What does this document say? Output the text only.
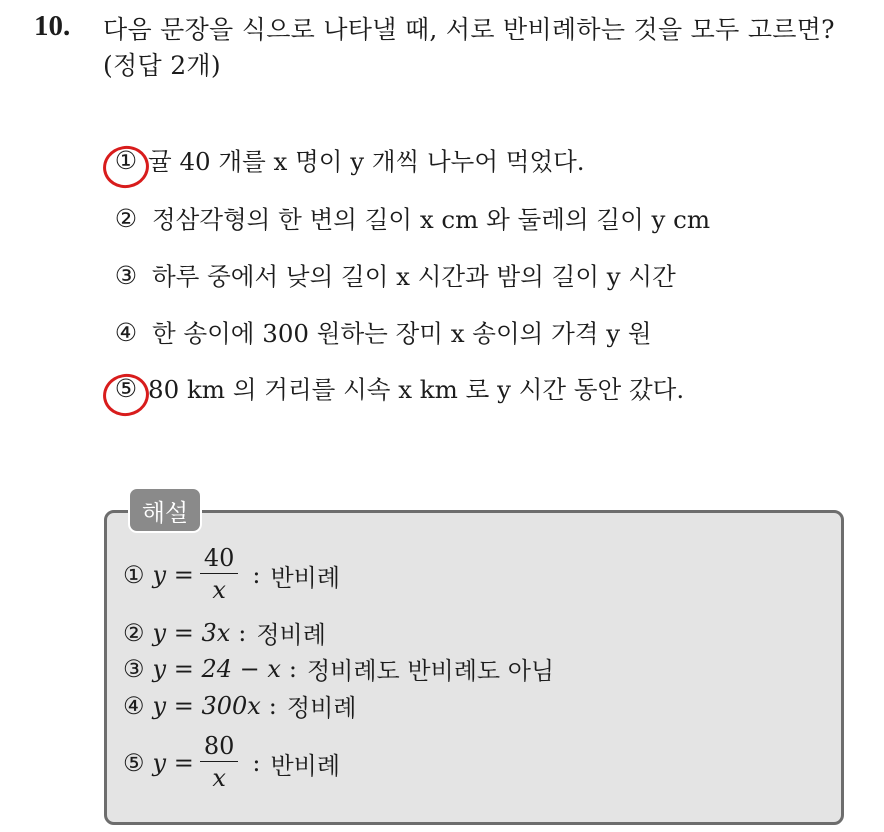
10. 다음 문장을 식으로 나타낼 때, 서로 반비례하는 것을 모두 고르면? (정답 2개)
① 귤 40 개를 x 명이 y 개씩 나누어 먹었다.
② 정삼각형의 한 변의 길이 x cm 와 둘레의 길이 y cm
③ 하루 중에서 낮의 길이 x 시간과 밤의 길이 y 시간
④ 한 송이에 300 원하는 장미 x 송이의 가격 y 원
⑤ 80 km 의 거리를 시속 x km 로 y 시간 동안 갔다.
해설
① $y = \frac{40}{x}$ : 반비례
② y = 3x : 정비례
③ y = 24 − x : 정비례도 반비례도 아님
④ y = 300x : 정비례
⑤ $y = \frac{80}{x}$ : 반비례
